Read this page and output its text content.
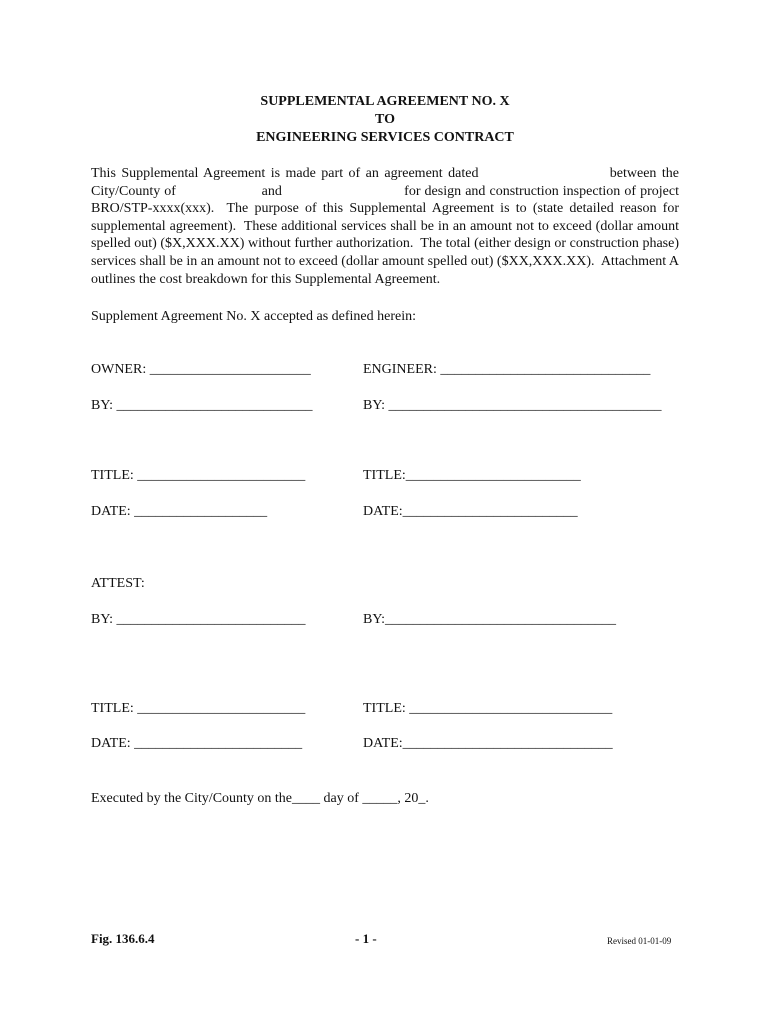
SUPPLEMENTAL AGREEMENT NO. X
TO
ENGINEERING SERVICES CONTRACT

This Supplemental Agreement is made part of an agreement dated                        between the City/County of                     and                              for design and construction inspection of project BRO/STP-xxxx(xxx).  The purpose of this Supplemental Agreement is to (state detailed reason for supplemental agreement).  These additional services shall be in an amount not to exceed (dollar amount spelled out) ($X,XXX.XX) without further authorization.  The total (either design or construction phase) services shall be in an amount not to exceed (dollar amount spelled out) ($XX,XXX.XX).  Attachment A outlines the cost breakdown for this Supplemental Agreement.

Supplement Agreement No. X accepted as defined herein:
OWNER: _______________________	ENGINEER: ______________________________
BY: ____________________________	BY: _______________________________________
TITLE: ________________________	TITLE:_________________________
DATE: ___________________	DATE:_________________________
ATTEST:
BY: ___________________________	BY:_________________________________
TITLE: ________________________	TITLE: _____________________________
DATE: ________________________	DATE:______________________________
Executed by the City/County on the____ day of _____, 20_.
Fig. 136.6.4	- 1 -	Revised 01-01-09
